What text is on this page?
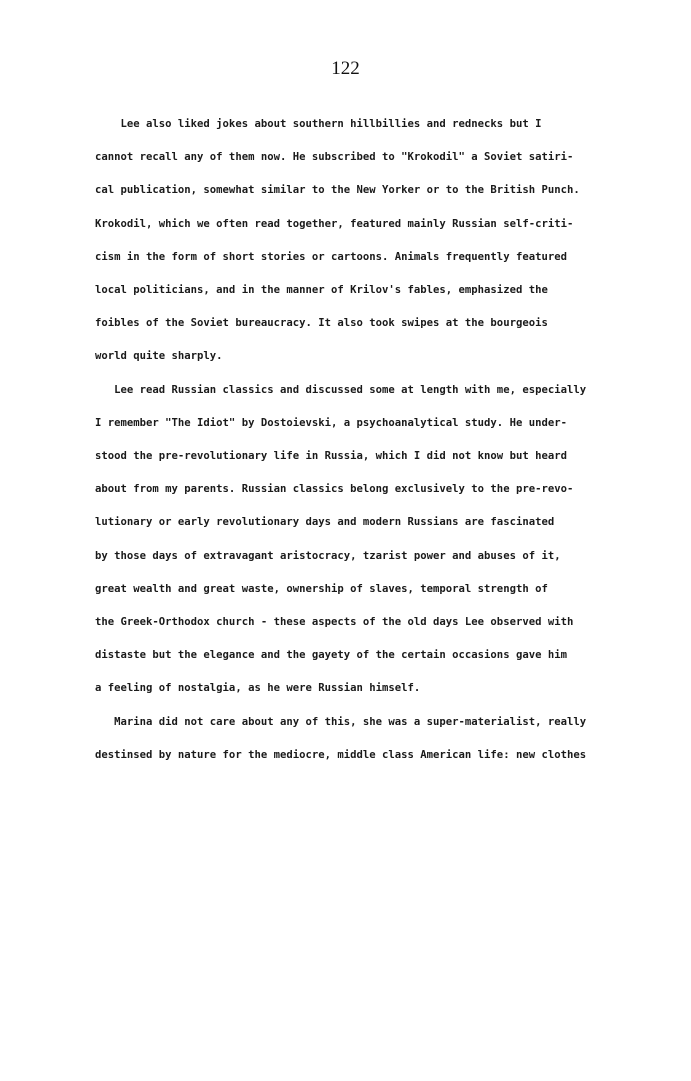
122
Lee also liked jokes about southern hillbillies and rednecks but I
cannot recall any of them now. He subscribed to "Krokodil" a Soviet satiri-
cal publication, somewhat similar to the New Yorker or to the British Punch.
Krokodil, which we often read together, featured mainly Russian self-criti-
cism in the form of short stories or cartoons. Animals frequently featured
local politicians, and in the manner of Krilov's fables, emphasized the
foibles of the Soviet bureaucracy. It also took swipes at the bourgeois
world quite sharply.
Lee read Russian classics and discussed some at length with me, especially
I remember "The Idiot" by Dostoievski, a psychoanalytical study. He under-
stood the pre-revolutionary life in Russia, which I did not know but heard
about from my parents. Russian classics belong exclusively to the pre-revo-
lutionary or early revolutionary days and modern Russians are fascinated
by those days of extravagant aristocracy, tzarist power and abuses of it,
great wealth and great waste, ownership of slaves, temporal strength of
the Greek-Orthodox church - these aspects of the old days Lee observed with
distaste but the elegance and the gayety of the certain occasions gave him
a feeling of nostalgia, as he were Russian himself.
Marina did not care about any of this, she was a super-materialist, really
destinsed by nature for the mediocre, middle class American life: new clothes
